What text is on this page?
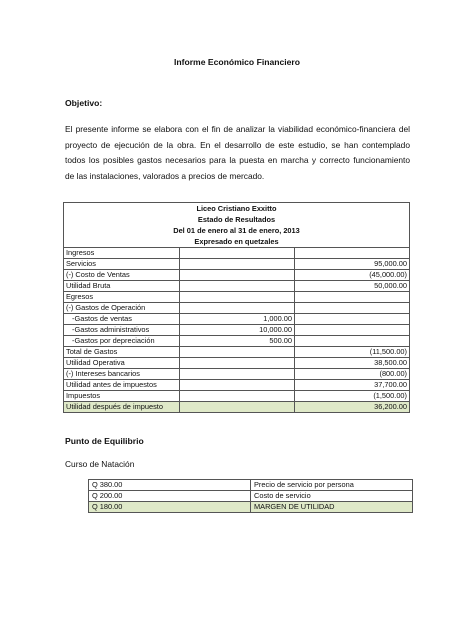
Informe Económico Financiero
Objetivo:
El presente informe se elabora con el fin de analizar la viabilidad económico-financiera del
proyecto de ejecución de la obra. En el desarrollo de este estudio, se han contemplado
todos los posibles gastos necesarios para la puesta en marcha y correcto funcionamiento
de las instalaciones, valorados a precios de mercado.
Liceo Cristiano Exxitto		
Estado de Resultados		
Del 01 de enero al 31 de enero, 2013		
Expresado en quetzales		
Ingresos		
Servicios		95,000.00
(-) Costo de Ventas		(45,000.00)
Utilidad Bruta		50,000.00
Egresos		
(-) Gastos de Operación		
-Gastos de ventas	1,000.00	
-Gastos administrativos	10,000.00	
-Gastos por depreciación	500.00	
Total de Gastos		(11,500.00)
Utilidad Operativa		38,500.00
(-) Intereses bancarios		(800.00)
Utilidad antes de impuestos		37,700.00
Impuestos		(1,500.00)
Utilidad después de impuesto		36,200.00
Punto de Equilibrio
Curso de Natación
Q 380.00	Precio de servicio por persona
Q 200.00	Costo de servicio
Q 180.00	MARGEN DE UTILIDAD
